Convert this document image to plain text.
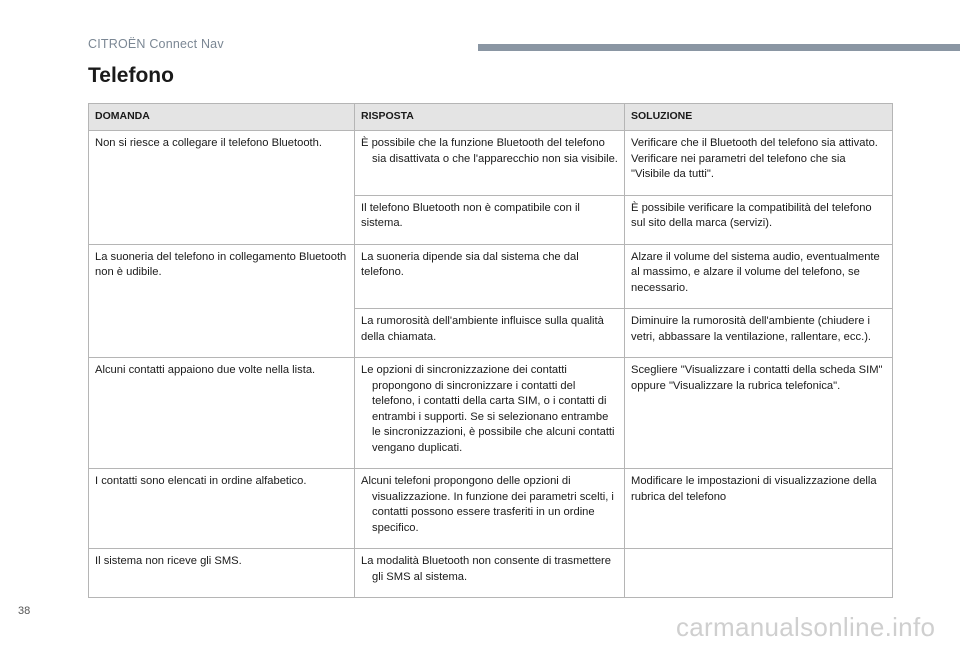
CITROËN Connect Nav
Telefono
DOMANDA	RISPOSTA	SOLUZIONE

Non si riesce a collegare il telefono Bluetooth.	È possibile che la funzione Bluetooth del telefono sia disattivata o che l'apparecchio non sia visibile.	Verificare che il Bluetooth del telefono sia attivato.
Verificare nei parametri del telefono che sia "Visibile da tutti".

	Il telefono Bluetooth non è compatibile con il sistema.	È possibile verificare la compatibilità del telefono sul sito della marca (servizi).

La suoneria del telefono in collegamento Bluetooth non è udibile.	La suoneria dipende sia dal sistema che dal telefono.	Alzare il volume del sistema audio, eventualmente al massimo, e alzare il volume del telefono, se necessario.

	La rumorosità dell'ambiente influisce sulla qualità della chiamata.	Diminuire la rumorosità dell'ambiente (chiudere i vetri, abbassare la ventilazione, rallentare, ecc.).

Alcuni contatti appaiono due volte nella lista.	Le opzioni di sincronizzazione dei contatti propongono di sincronizzare i contatti del telefono, i contatti della carta SIM, o i contatti di entrambi i supporti. Se si selezionano entrambe le sincronizzazioni, è possibile che alcuni contatti vengano duplicati.	Scegliere "Visualizzare i contatti della scheda SIM" oppure "Visualizzare la rubrica telefonica".

I contatti sono elencati in ordine alfabetico.	Alcuni telefoni propongono delle opzioni di visualizzazione. In funzione dei parametri scelti, i contatti possono essere trasferiti in un ordine specifico.	Modificare le impostazioni di visualizzazione della rubrica del telefono

Il sistema non riceve gli SMS.	La modalità Bluetooth non consente di trasmettere gli SMS al sistema.	

38
carmanualsonline.info
